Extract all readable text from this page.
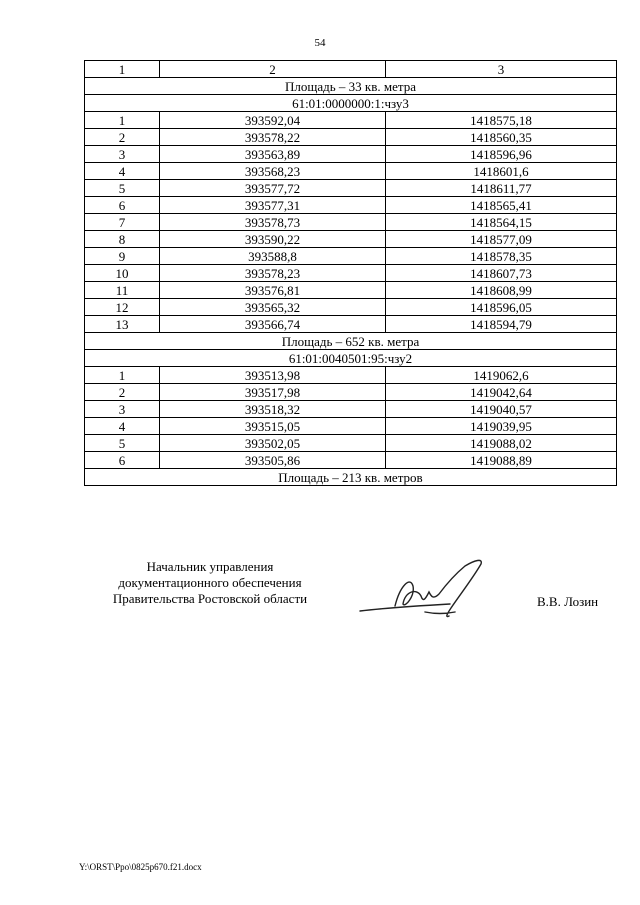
54
1	2	3
Площадь – 33 кв. метра		
61:01:0000000:1:чзу3		
1	393592,04	1418575,18
2	393578,22	1418560,35
3	393563,89	1418596,96
4	393568,23	1418601,6
5	393577,72	1418611,77
6	393577,31	1418565,41
7	393578,73	1418564,15
8	393590,22	1418577,09
9	393588,8	1418578,35
10	393578,23	1418607,73
11	393576,81	1418608,99
12	393565,32	1418596,05
13	393566,74	1418594,79
Площадь – 652 кв. метра		
61:01:0040501:95:чзу2		
1	393513,98	1419062,6
2	393517,98	1419042,64
3	393518,32	1419040,57
4	393515,05	1419039,95
5	393502,05	1419088,02
6	393505,86	1419088,89
Площадь – 213 кв. метров		
Начальник управления
документационного обеспечения
Правительства Ростовской области	В.В. Лозин
Y:\ORST\Ppo\0825p670.f21.docx
